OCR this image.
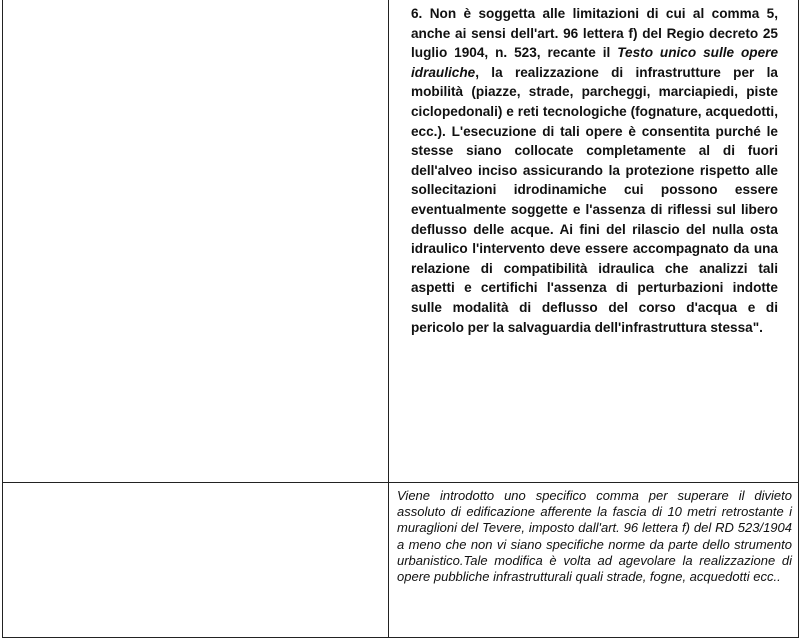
	6. Non è soggetta alle limitazioni di cui al comma 5, anche ai sensi dell'art. 96 lettera f) del Regio decreto 25 luglio 1904, n. 523, recante il Testo unico sulle opere idrauliche, la realizzazione di infrastrutture per la mobilità (piazze, strade, parcheggi, marciapiedi, piste ciclopedonali) e reti tecnologiche (fognature, acquedotti, ecc.). L'esecuzione di tali opere è consentita purché le stesse siano collocate completamente al di fuori dell'alveo inciso assicurando la protezione rispetto alle sollecitazioni idrodinamiche cui possono essere eventualmente soggette e l'assenza di riflessi sul libero deflusso delle acque. Ai fini del rilascio del nulla osta idraulico l'intervento deve essere accompagnato da una relazione di compatibilità idraulica che analizzi tali aspetti e certifichi l'assenza di perturbazioni indotte sulle modalità di deflusso del corso d'acqua e di pericolo per la salvaguardia dell'infrastruttura stessa".

	Viene introdotto uno specifico comma per superare il divieto assoluto di edificazione afferente la fascia di 10 metri retrostante i muraglioni del Tevere, imposto dall'art. 96 lettera f) del RD 523/1904 a meno che non vi siano specifiche norme da parte dello strumento urbanistico.Tale modifica è volta ad agevolare la realizzazione di opere pubbliche infrastrutturali quali strade, fogne, acquedotti ecc..
